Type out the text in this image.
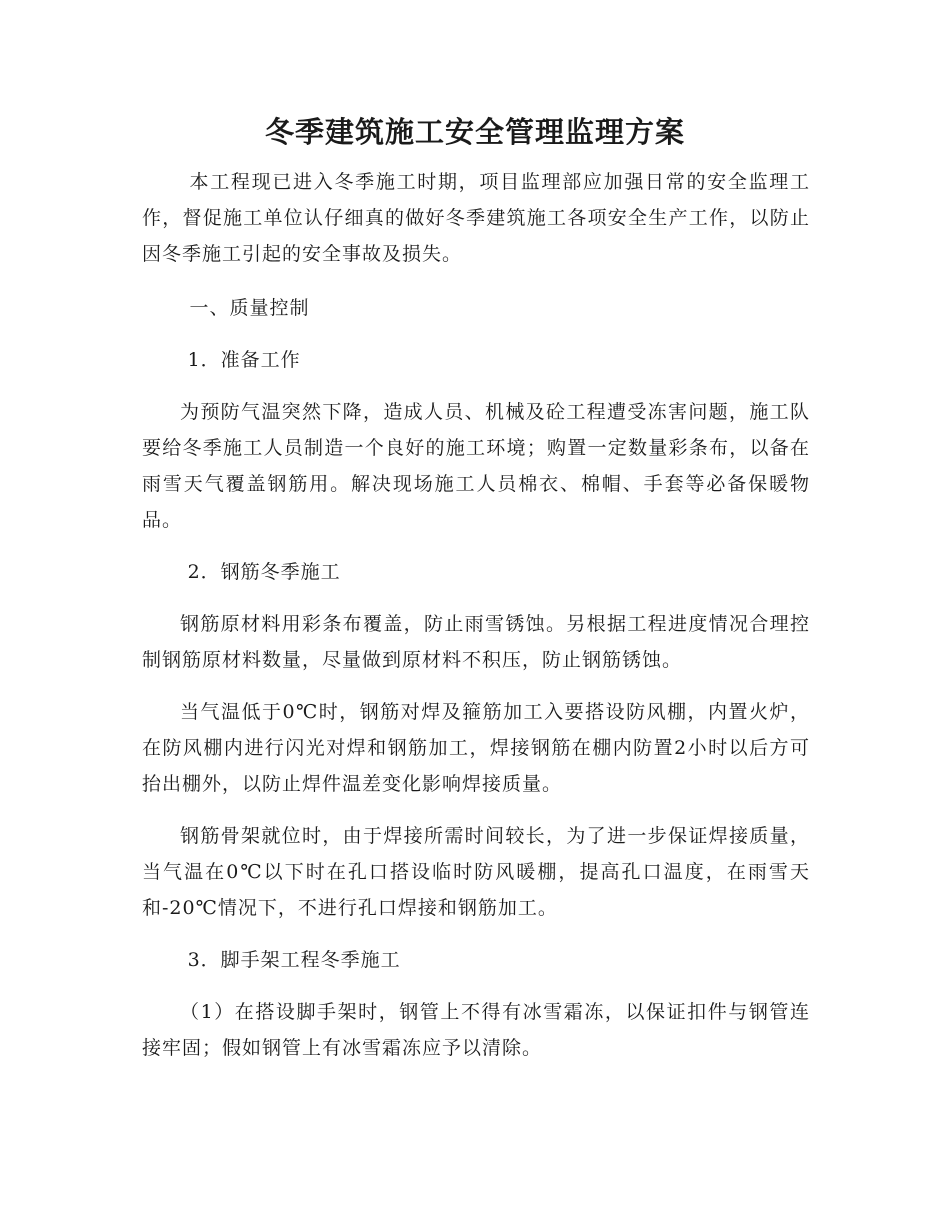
冬季建筑施工安全管理监理方案

本工程现已进入冬季施工时期，项目监理部应加强日常的安全监理工作，督促施工单位认仔细真的做好冬季建筑施工各项安全生产工作，以防止因冬季施工引起的安全事故及损失。

一、质量控制

1．准备工作

为预防气温突然下降，造成人员、机械及砼工程遭受冻害问题，施工队要给冬季施工人员制造一个良好的施工环境；购置一定数量彩条布，以备在雨雪天气覆盖钢筋用。解决现场施工人员棉衣、棉帽、手套等必备保暖物品。

2．钢筋冬季施工

钢筋原材料用彩条布覆盖，防止雨雪锈蚀。另根据工程进度情况合理控制钢筋原材料数量，尽量做到原材料不积压，防止钢筋锈蚀。

当气温低于0℃时，钢筋对焊及箍筋加工入要搭设防风棚，内置火炉，在防风棚内进行闪光对焊和钢筋加工，焊接钢筋在棚内防置2小时以后方可抬出棚外，以防止焊件温差变化影响焊接质量。

钢筋骨架就位时，由于焊接所需时间较长，为了进一步保证焊接质量，当气温在0℃以下时在孔口搭设临时防风暖棚，提高孔口温度，在雨雪天和-20℃情况下，不进行孔口焊接和钢筋加工。

3．脚手架工程冬季施工

（1）在搭设脚手架时，钢管上不得有冰雪霜冻，以保证扣件与钢管连接牢固；假如钢管上有冰雪霜冻应予以清除。
